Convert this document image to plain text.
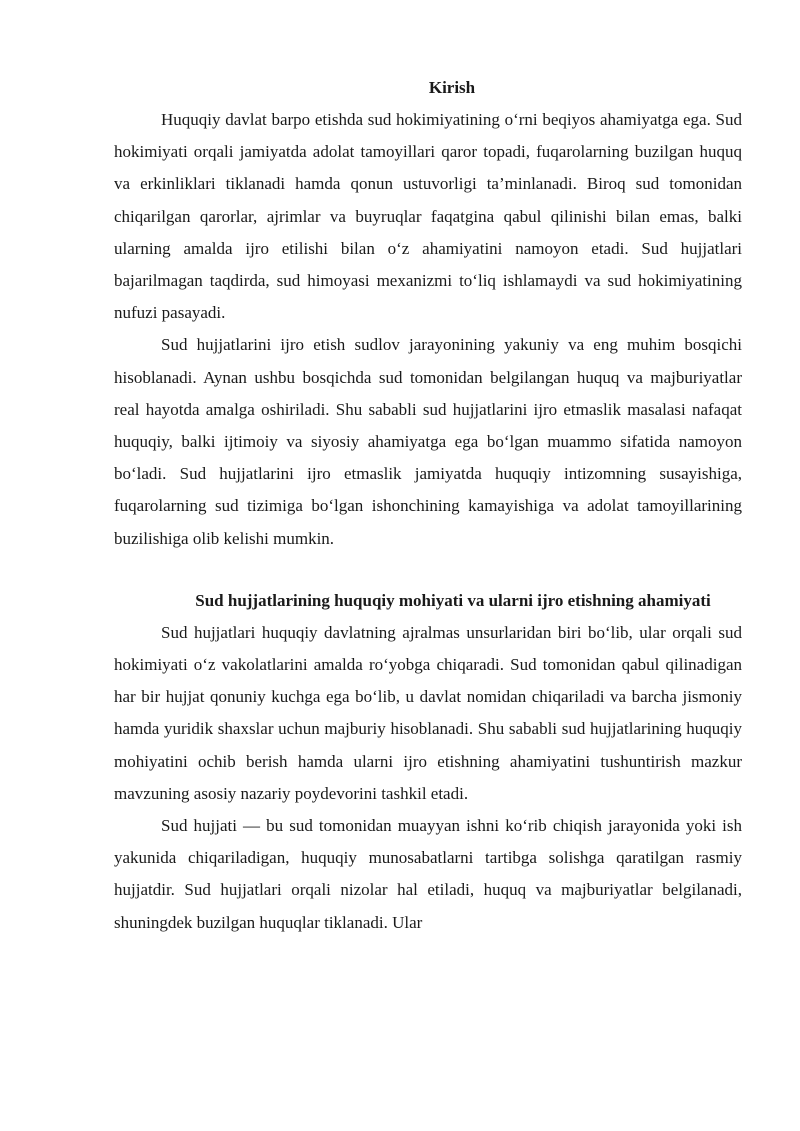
Kirish

Huquqiy davlat barpo etishda sud hokimiyatining o‘rni beqiyos ahamiyatga ega. Sud hokimiyati orqali jamiyatda adolat tamoyillari qaror topadi, fuqarolarning buzilgan huquq va erkinliklari tiklanadi hamda qonun ustuvorligi ta’minlanadi. Biroq sud tomonidan chiqarilgan qarorlar, ajrimlar va buyruqlar faqatgina qabul qilinishi bilan emas, balki ularning amalda ijro etilishi bilan o‘z ahamiyatini namoyon etadi. Sud hujjatlari bajarilmagan taqdirda, sud himoyasi mexanizmi to‘liq ishlamaydi va sud hokimiyatining nufuzi pasayadi.

Sud hujjatlarini ijro etish sudlov jarayonining yakuniy va eng muhim bosqichi hisoblanadi. Aynan ushbu bosqichda sud tomonidan belgilangan huquq va majburiyatlar real hayotda amalga oshiriladi. Shu sababli sud hujjatlarini ijro etmaslik masalasi nafaqat huquqiy, balki ijtimoiy va siyosiy ahamiyatga ega bo‘lgan muammo sifatida namoyon bo‘ladi. Sud hujjatlarini ijro etmaslik jamiyatda huquqiy intizomning susayishiga, fuqarolarning sud tizimiga bo‘lgan ishonchining kamayishiga va adolat tamoyillarining buzilishiga olib kelishi mumkin.

Sud hujjatlarining huquqiy mohiyati va ularni ijro etishning ahamiyati

Sud hujjatlari huquqiy davlatning ajralmas unsurlaridan biri bo‘lib, ular orqali sud hokimiyati o‘z vakolatlarini amalda ro‘yobga chiqaradi. Sud tomonidan qabul qilinadigan har bir hujjat qonuniy kuchga ega bo‘lib, u davlat nomidan chiqariladi va barcha jismoniy hamda yuridik shaxslar uchun majburiy hisoblanadi. Shu sababli sud hujjatlarining huquqiy mohiyatini ochib berish hamda ularni ijro etishning ahamiyatini tushuntirish mazkur mavzuning asosiy nazariy poydevorini tashkil etadi.

Sud hujjati — bu sud tomonidan muayyan ishni ko‘rib chiqish jarayonida yoki ish yakunida chiqariladigan, huquqiy munosabatlarni tartibga solishga qaratilgan rasmiy hujjatdir. Sud hujjatlari orqali nizolar hal etiladi, huquq va majburiyatlar belgilanadi, shuningdek buzilgan huquqlar tiklanadi. Ular
